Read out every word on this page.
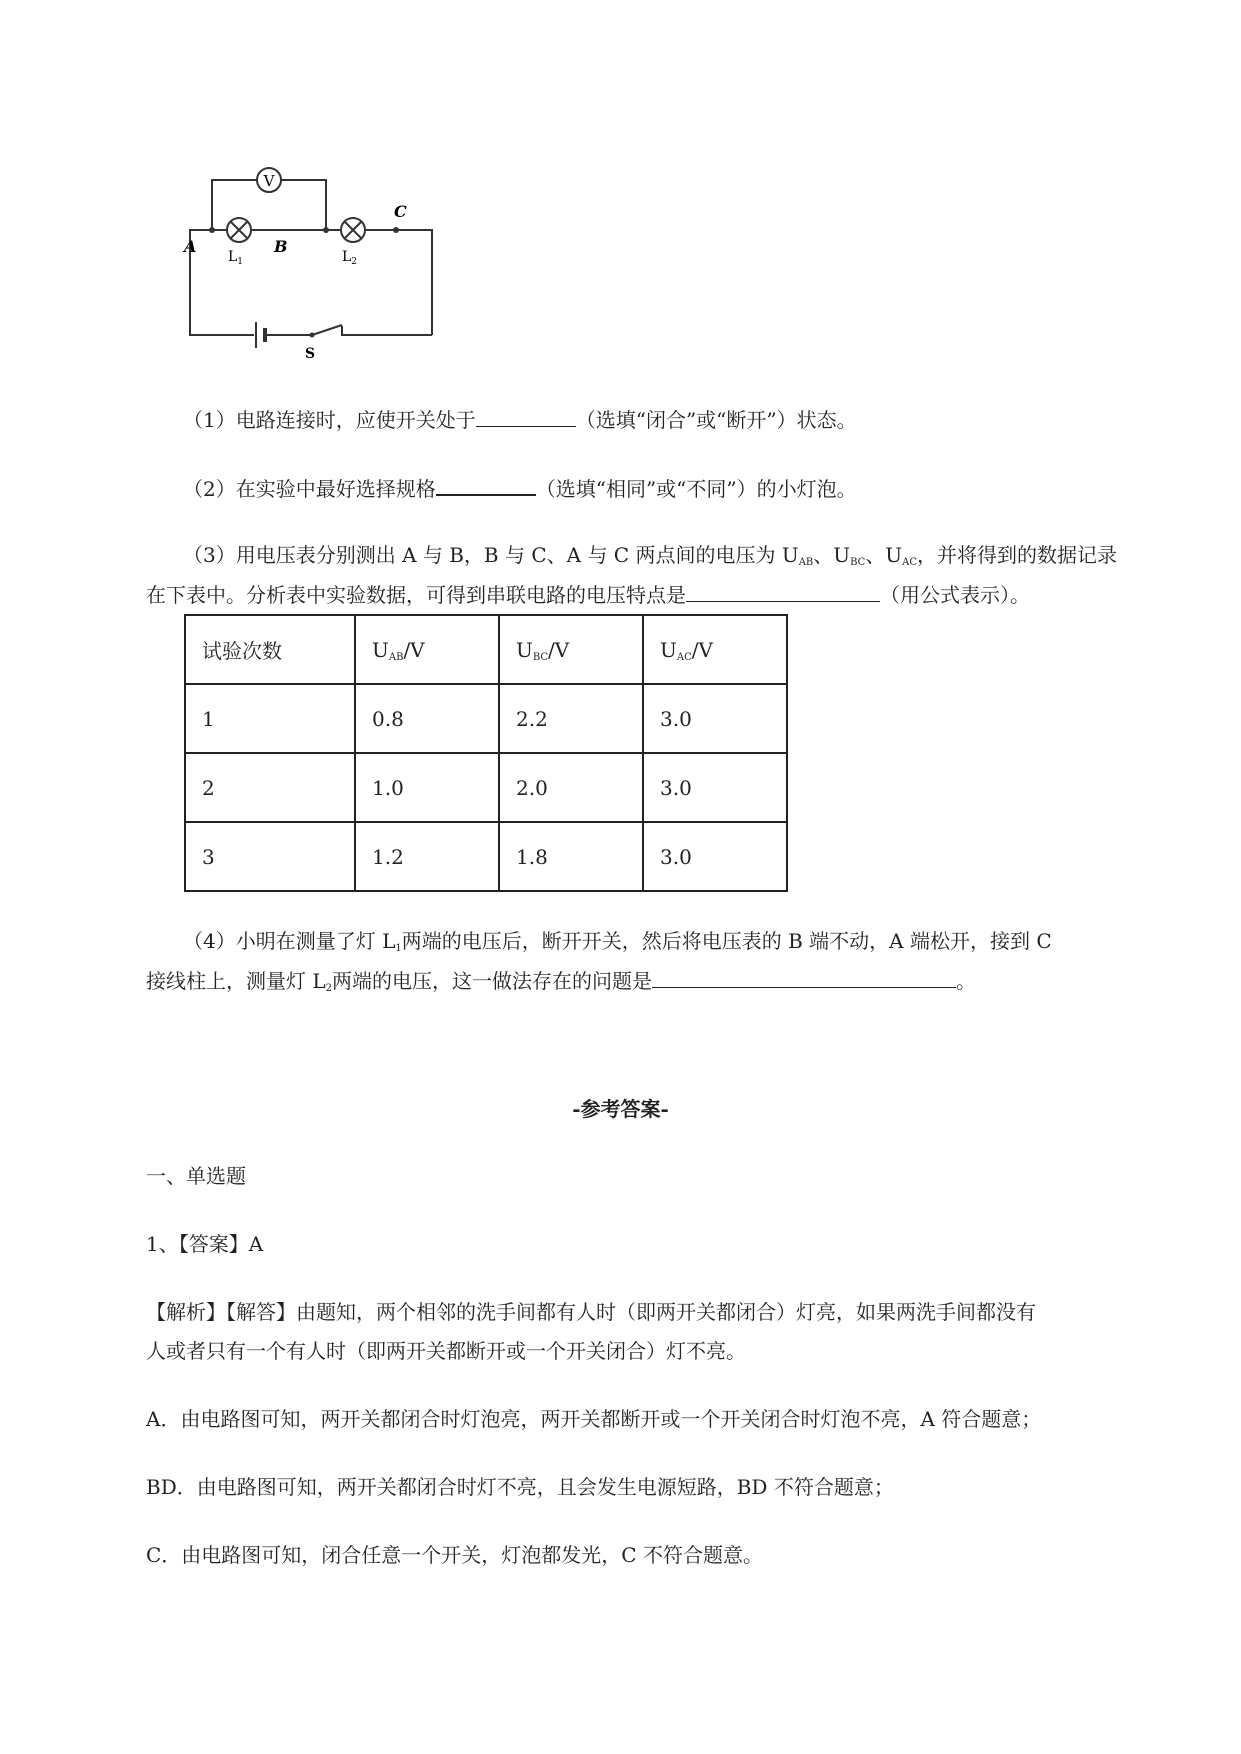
V
A	B
C
$L_1$	$L_2$
S
（1）电路连接时，应使开关处于	（选填“闭合”或“断开”）状态。
（2）在实验中最好选择规格	（选填“相同”或“不同”）的小灯泡。
（3）用电压表分别测出 A 与 B，B 与 C、A 与 C 两点间的电压为 $U_{AB}$、$U_{BC}$、$U_{AC}$，并将得到的数据记录
在下表中。分析表中实验数据，可得到串联电路的电压特点是	（用公式表示）。
试验次数	$U_{AB}/V$	$U_{BC}/V$	$U_{AC}/V$
1	0.8	2.2	3.0
2	1.0	2.0	3.0
3	1.2	1.8	3.0
（4）小明在测量了灯 $L_1$两端的电压后，断开开关，然后将电压表的 B 端不动，A 端松开，接到 C
接线柱上，测量灯 $L_2$两端的电压，这一做法存在的问题是	。
-参考答案-
一、单选题
1、【答案】A
【解析】【解答】由题知，两个相邻的洗手间都有人时（即两开关都闭合）灯亮，如果两洗手间都没有
人或者只有一个有人时（即两开关都断开或一个开关闭合）灯不亮。
A．由电路图可知，两开关都闭合时灯泡亮，两开关都断开或一个开关闭合时灯泡不亮，A 符合题意；
BD．由电路图可知，两开关都闭合时灯不亮，且会发生电源短路，BD 不符合题意；
C．由电路图可知，闭合任意一个开关，灯泡都发光，C 不符合题意。
